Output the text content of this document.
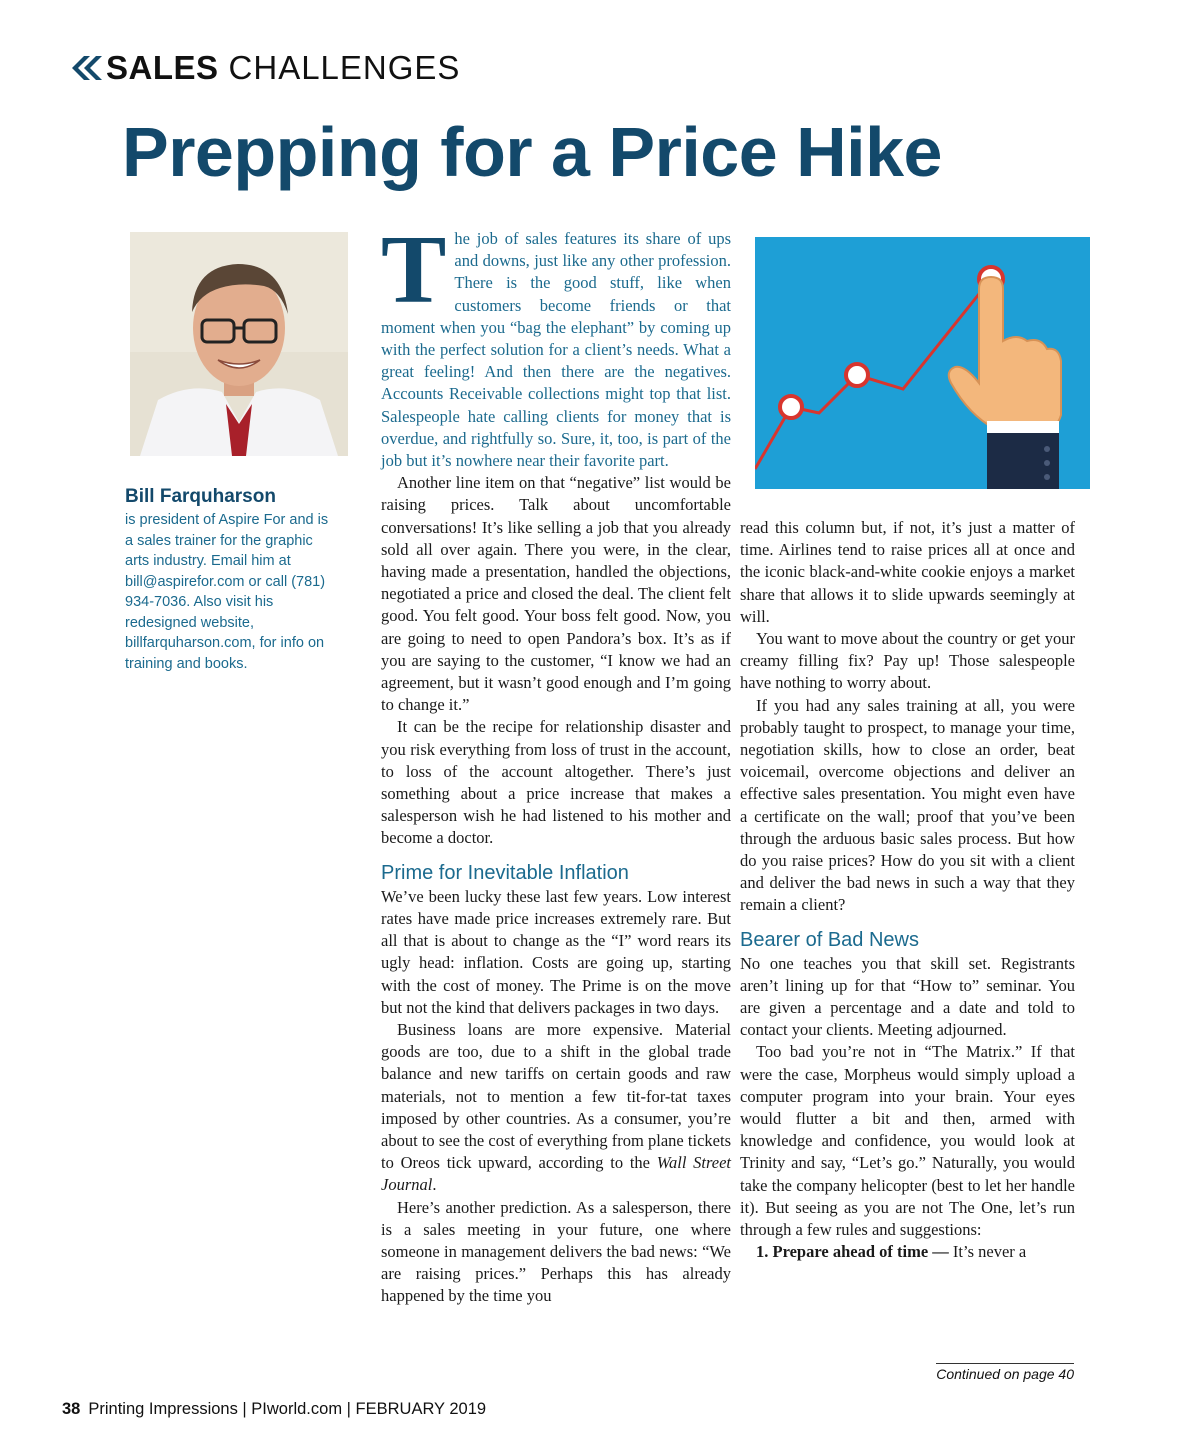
SALES CHALLENGES
Prepping for a Price Hike
Bill Farquharson

is president of Aspire For and is a sales trainer for the graphic arts industry. Email him at bill@aspirefor.com or call (781) 934-7036. Also visit his redesigned website, billfarquharson.com, for info on training and books.

The job of sales features its share of ups and downs, just like any other profession. There is the good stuff, like when customers become friends or that moment when you “bag the elephant” by coming up with the perfect solution for a client’s needs. What a great feeling! And then there are the negatives. Accounts Receivable collections might top that list. Salespeople hate calling clients for money that is overdue, and rightfully so. Sure, it, too, is part of the job but it’s nowhere near their favorite part.

Another line item on that “negative” list would be raising prices. Talk about uncomfortable conversations! It’s like selling a job that you already sold all over again. There you were, in the clear, having made a presentation, handled the objections, negotiated a price and closed the deal. The client felt good. You felt good. Your boss felt good. Now, you are going to need to open Pandora’s box. It’s as if you are saying to the customer, “I know we had an agreement, but it wasn’t good enough and I’m going to change it.”

It can be the recipe for relationship disaster and you risk everything from loss of trust in the account, to loss of the account altogether. There’s just something about a price increase that makes a salesperson wish he had listened to his mother and become a doctor.

Prime for Inevitable Inflation

We’ve been lucky these last few years. Low interest rates have made price increases extremely rare. But all that is about to change as the “I” word rears its ugly head: inflation. Costs are going up, starting with the cost of money. The Prime is on the move but not the kind that delivers packages in two days.

Business loans are more expensive. Material goods are too, due to a shift in the global trade balance and new tariffs on certain goods and raw materials, not to mention a few tit-for-tat taxes imposed by other countries. As a consumer, you’re about to see the cost of everything from plane tickets to Oreos tick upward, according to the Wall Street Journal.

Here’s another prediction. As a salesperson, there is a sales meeting in your future, one where someone in management delivers the bad news: “We are raising prices.” Perhaps this has already happened by the time you

read this column but, if not, it’s just a matter of time. Airlines tend to raise prices all at once and the iconic black-and-white cookie enjoys a market share that allows it to slide upwards seemingly at will.

You want to move about the country or get your creamy filling fix? Pay up! Those salespeople have nothing to worry about.

If you had any sales training at all, you were probably taught to prospect, to manage your time, negotiation skills, how to close an order, beat voicemail, overcome objections and deliver an effective sales presentation. You might even have a certificate on the wall; proof that you’ve been through the arduous basic sales process. But how do you raise prices? How do you sit with a client and deliver the bad news in such a way that they remain a client?

Bearer of Bad News

No one teaches you that skill set. Registrants aren’t lining up for that “How to” seminar. You are given a percentage and a date and told to contact your clients. Meeting adjourned.

Too bad you’re not in “The Matrix.” If that were the case, Morpheus would simply upload a computer program into your brain. Your eyes would flutter a bit and then, armed with knowledge and confidence, you would look at Trinity and say, “Let’s go.” Naturally, you would take the company helicopter (best to let her handle it). But seeing as you are not The One, let’s run through a few rules and suggestions:

1. Prepare ahead of time — It’s never a

Continued on page 40
38 Printing Impressions | PIworld.com | FEBRUARY 2019
